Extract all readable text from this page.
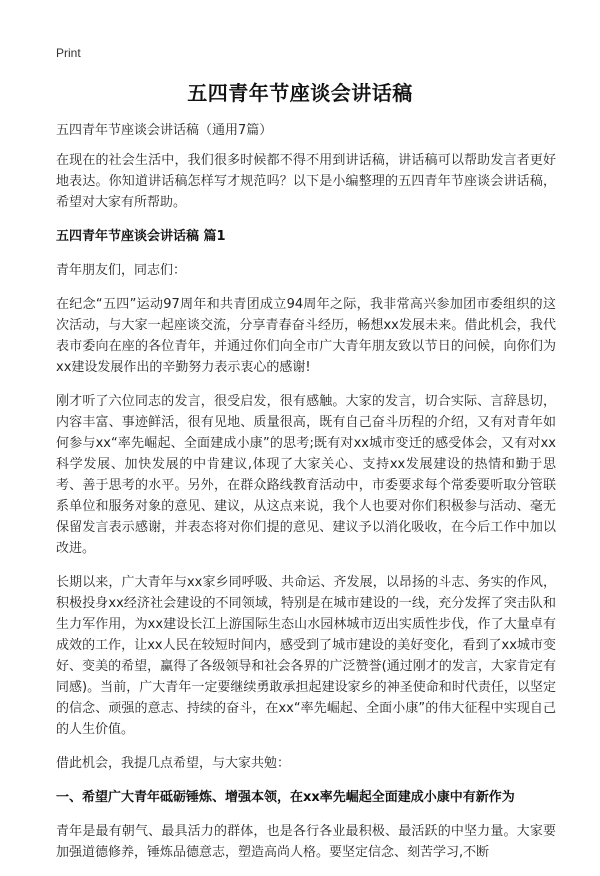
Print
五四青年节座谈会讲话稿

五四青年节座谈会讲话稿（通用7篇）

在现在的社会生活中，我们很多时候都不得不用到讲话稿，讲话稿可以帮助发言者更好地表达。你知道讲话稿怎样写才规范吗？以下是小编整理的五四青年节座谈会讲话稿，希望对大家有所帮助。

五四青年节座谈会讲话稿 篇1

青年朋友们，同志们：

在纪念“五四”运动97周年和共青团成立94周年之际，我非常高兴参加团市委组织的这次活动，与大家一起座谈交流，分享青春奋斗经历，畅想xx发展未来。借此机会，我代表市委向在座的各位青年，并通过你们向全市广大青年朋友致以节日的问候，向你们为xx建设发展作出的辛勤努力表示衷心的感谢!

刚才听了六位同志的发言，很受启发，很有感触。大家的发言，切合实际、言辞恳切，内容丰富、事迹鲜活，很有见地、质量很高，既有自己奋斗历程的介绍，又有对青年如何参与xx“率先崛起、全面建成小康”的思考;既有对xx城市变迁的感受体会，又有对xx科学发展、加快发展的中肯建议,体现了大家关心、支持xx发展建设的热情和勤于思考、善于思考的水平。另外，在群众路线教育活动中，市委要求每个常委要听取分管联系单位和服务对象的意见、建议，从这点来说，我个人也要对你们积极参与活动、毫无保留发言表示感谢，并表态将对你们提的意见、建议予以消化吸收，在今后工作中加以改进。

长期以来，广大青年与xx家乡同呼吸、共命运、齐发展，以昂扬的斗志、务实的作风，积极投身xx经济社会建设的不同领域，特别是在城市建设的一线，充分发挥了突击队和生力军作用，为xx建设长江上游国际生态山水园林城市迈出实质性步伐，作了大量卓有成效的工作，让xx人民在较短时间内，感受到了城市建设的美好变化，看到了xx城市变好、变美的希望，赢得了各级领导和社会各界的广泛赞誉(通过刚才的发言，大家肯定有同感)。当前，广大青年一定要继续勇敢承担起建设家乡的神圣使命和时代责任，以坚定的信念、顽强的意志、持续的奋斗，在xx“率先崛起、全面小康”的伟大征程中实现自己的人生价值。

借此机会，我提几点希望，与大家共勉：

一、希望广大青年砥砺锤炼、增强本领，在xx率先崛起全面建成小康中有新作为

青年是最有朝气、最具活力的群体，也是各行各业最积极、最活跃的中坚力量。大家要加强道德修养，锤炼品德意志，塑造高尚人格。要坚定信念、刻苦学习,不断
